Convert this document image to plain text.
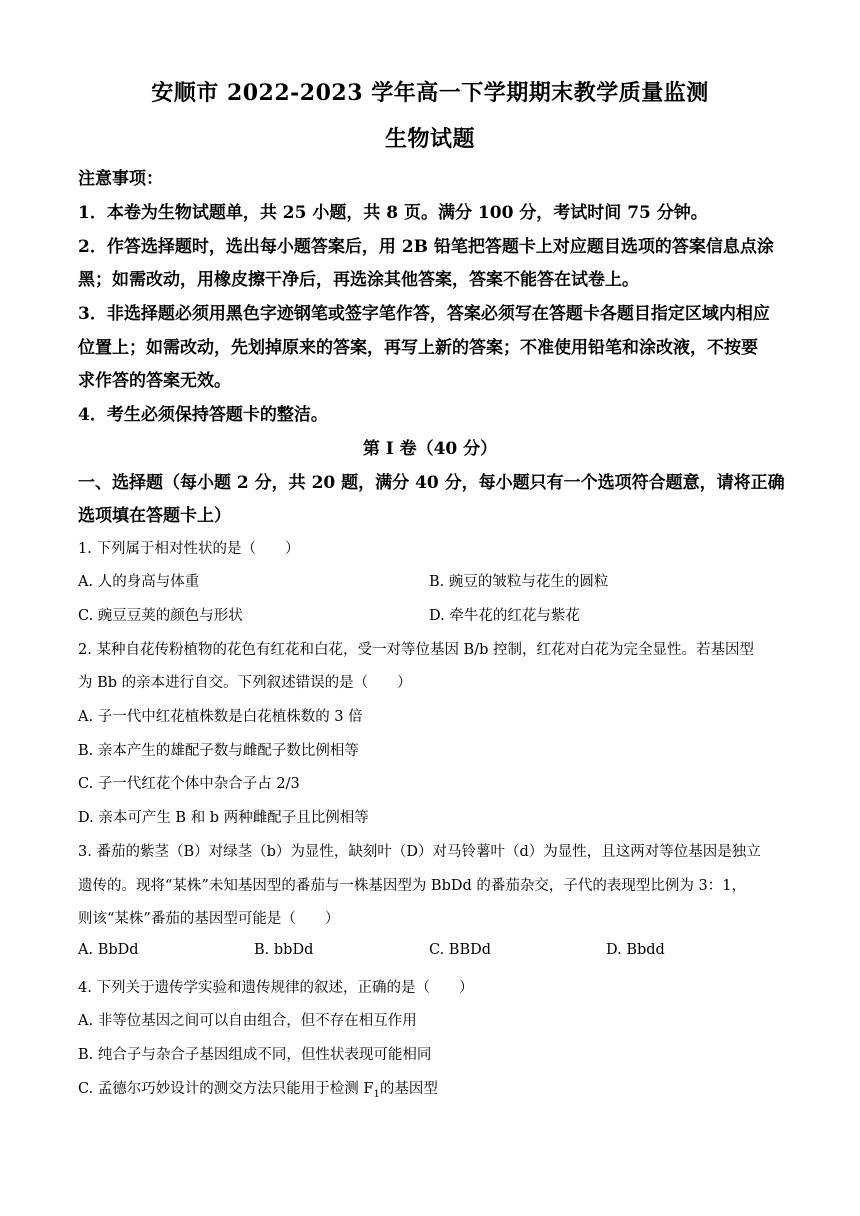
安顺市 2022-2023 学年高一下学期期末教学质量监测
生物试题
注意事项：
1．本卷为生物试题单，共 25 小题，共 8 页。满分 100 分，考试时间 75 分钟。
2．作答选择题时，选出每小题答案后，用 2B 铅笔把答题卡上对应题目选项的答案信息点涂
黑；如需改动，用橡皮擦干净后，再选涂其他答案，答案不能答在试卷上。
3．非选择题必须用黑色字迹钢笔或签字笔作答，答案必须写在答题卡各题目指定区域内相应
位置上；如需改动，先划掉原来的答案，再写上新的答案；不准使用铅笔和涂改液，不按要
求作答的答案无效。
4．考生必须保持答题卡的整洁。
第 I 卷（40 分）
一、选择题（每小题 2 分，共 20 题，满分 40 分，每小题只有一个选项符合题意，请将正确
选项填在答题卡上）
1. 下列属于相对性状的是（　　）
A. 人的身高与体重	B. 豌豆的皱粒与花生的圆粒
C. 豌豆豆荚的颜色与形状	D. 牵牛花的红花与紫花
2. 某种自花传粉植物的花色有红花和白花，受一对等位基因 B/b 控制，红花对白花为完全显性。若基因型
为 Bb 的亲本进行自交。下列叙述错误的是（　　）
A. 子一代中红花植株数是白花植株数的 3 倍
B. 亲本产生的雄配子数与雌配子数比例相等
C. 子一代红花个体中杂合子占 2/3
D. 亲本可产生 B 和 b 两种雌配子且比例相等
3. 番茄的紫茎（B）对绿茎（b）为显性，缺刻叶（D）对马铃薯叶（d）为显性，且这两对等位基因是独立
遗传的。现将“某株”未知基因型的番茄与一株基因型为 BbDd 的番茄杂交，子代的表现型比例为 3：1，
则该“某株”番茄的基因型可能是（　　）
A. BbDd	B. bbDd	C. BBDd	D. Bbdd
4. 下列关于遗传学实验和遗传规律的叙述，正确的是（　　）
A. 非等位基因之间可以自由组合，但不存在相互作用
B. 纯合子与杂合子基因组成不同，但性状表现可能相同
C. 孟德尔巧妙设计的测交方法只能用于检测 $F_1$的基因型
